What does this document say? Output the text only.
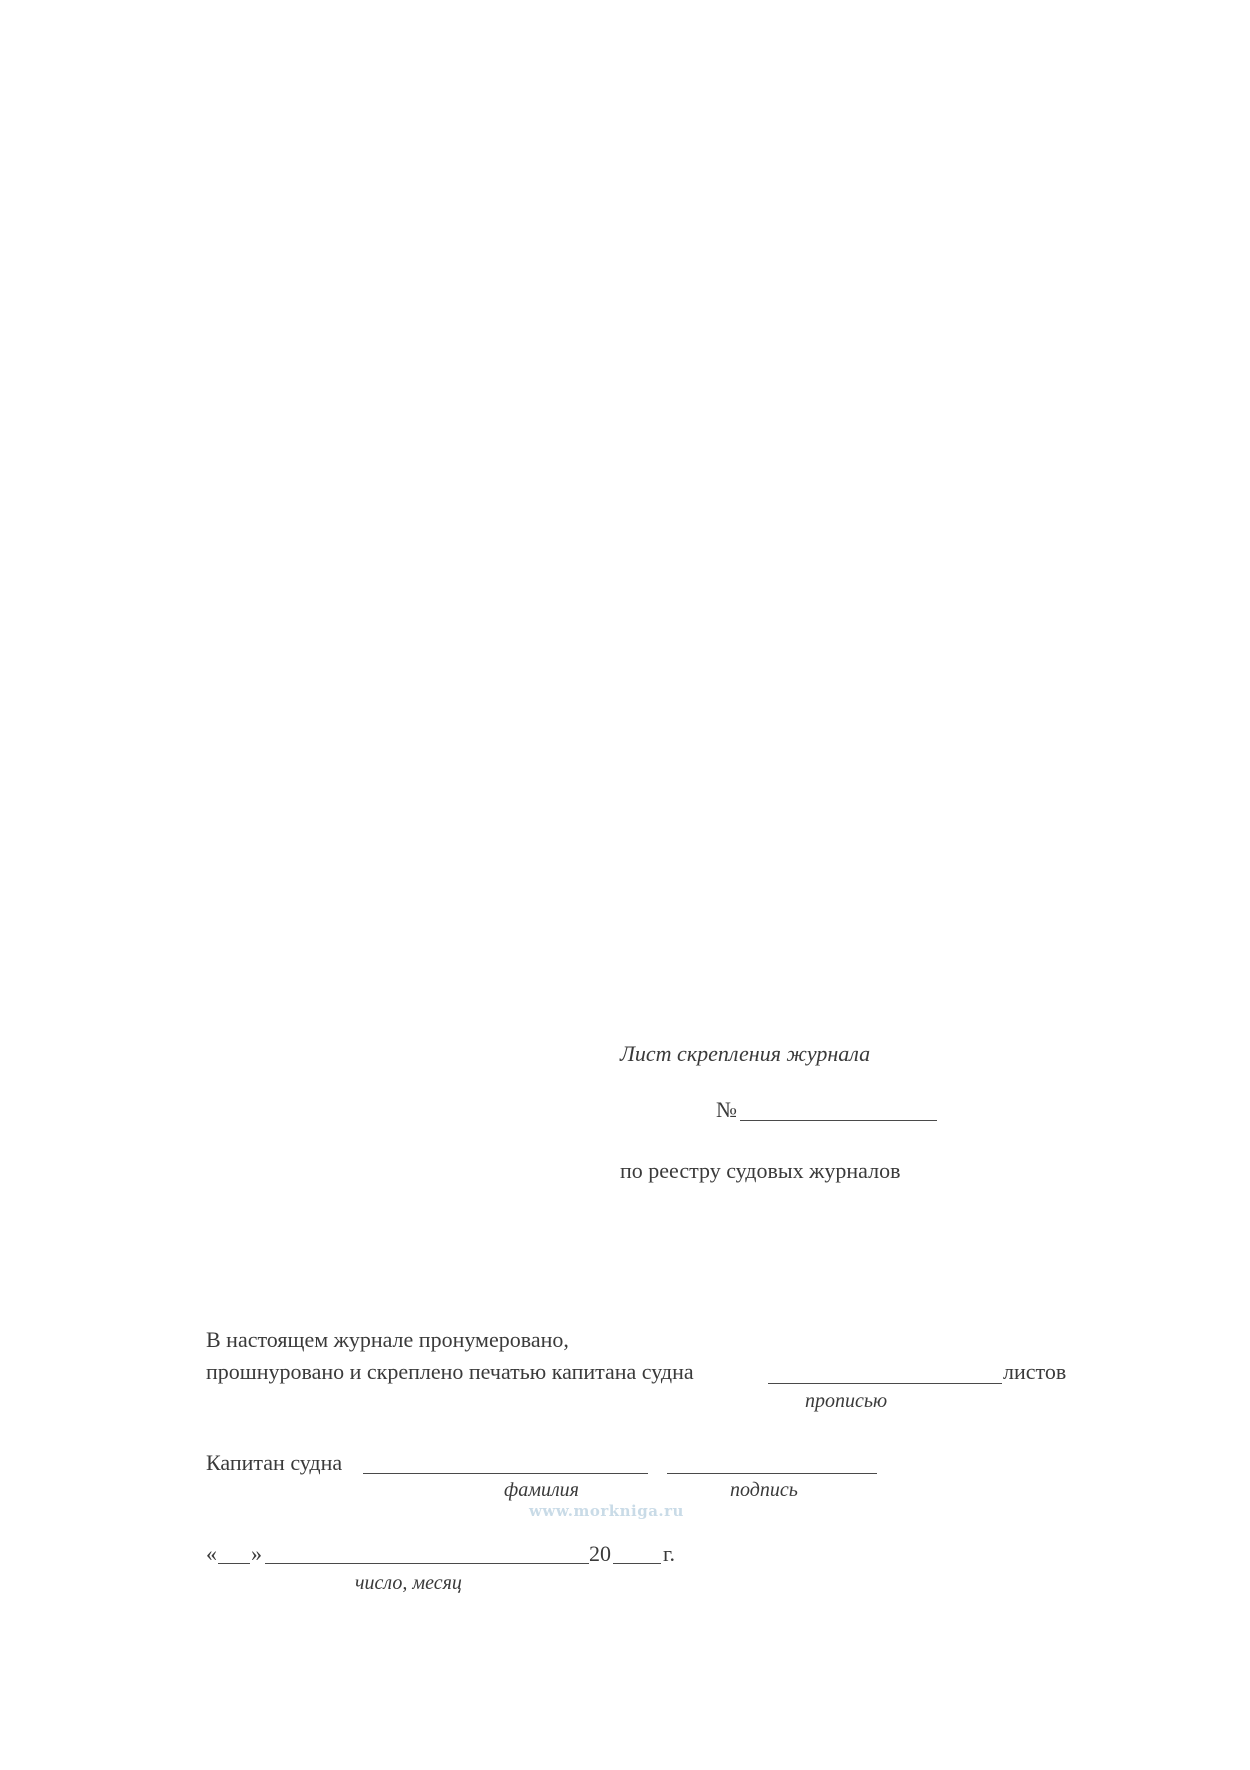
Лист скрепления журнала
№
по реестру судовых журналов
В настоящем журнале пронумеровано,
прошнуровано и скреплено печатью капитана судна	листов
прописью
Капитан судна
фамилия	подпись
www.morkniga.ru
« »	20 г.
число, месяц
